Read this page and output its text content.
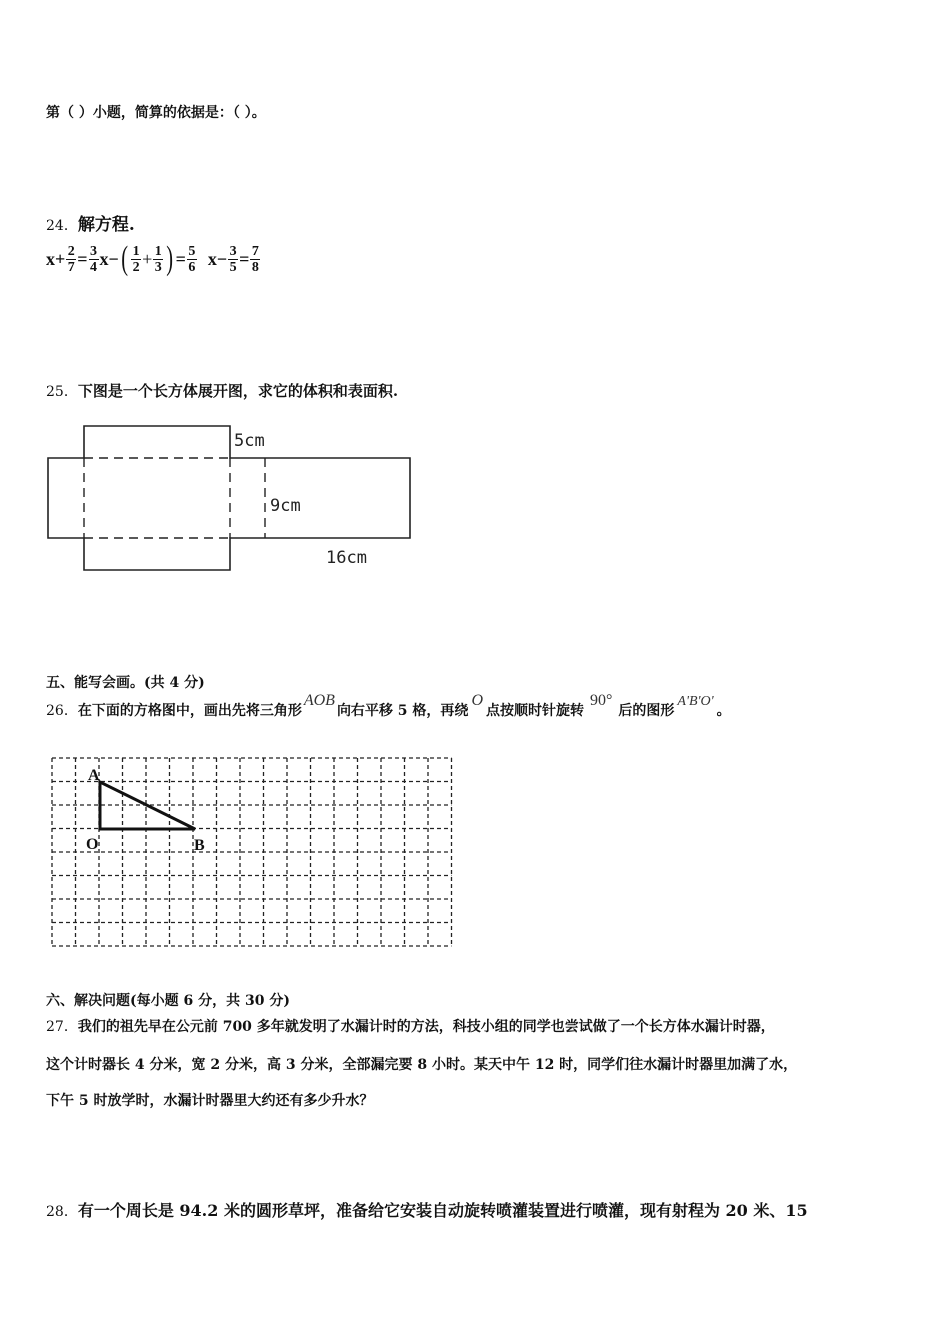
第（ ）小题，简算的依据是：（ ）。
24．解方程.
$x + \frac{2}{7} = \frac{3}{4}$ x − ( $\frac{1}{2} + \frac{1}{3}$ ) = $\frac{5}{6}$ $x - \frac{3}{5} = \frac{7}{8}$
25．下图是一个长方体展开图，求它的体积和表面积.
5cm
9cm
16cm
五、能写会画。(共 4 分)
26． 在下面的方格图中，画出先将三角形
AOB
向右平移 5 格，再绕
O
点按顺时针旋转
90°
后的图形
A'B'O'
。
A
O	B
六、解决问题(每小题 6 分，共 30 分)
27．我们的祖先早在公元前 700 多年就发明了水漏计时的方法，科技小组的同学也尝试做了一个长方体水漏计时器，
这个计时器长 4 分米，宽 2 分米，高 3 分米，全部漏完要 8 小时。某天中午 12 时，同学们往水漏计时器里加满了水，
下午 5 时放学时，水漏计时器里大约还有多少升水？
28．有一个周长是 94.2 米的圆形草坪，准备给它安装自动旋转喷灌装置进行喷灌，现有射程为 20 米、15
